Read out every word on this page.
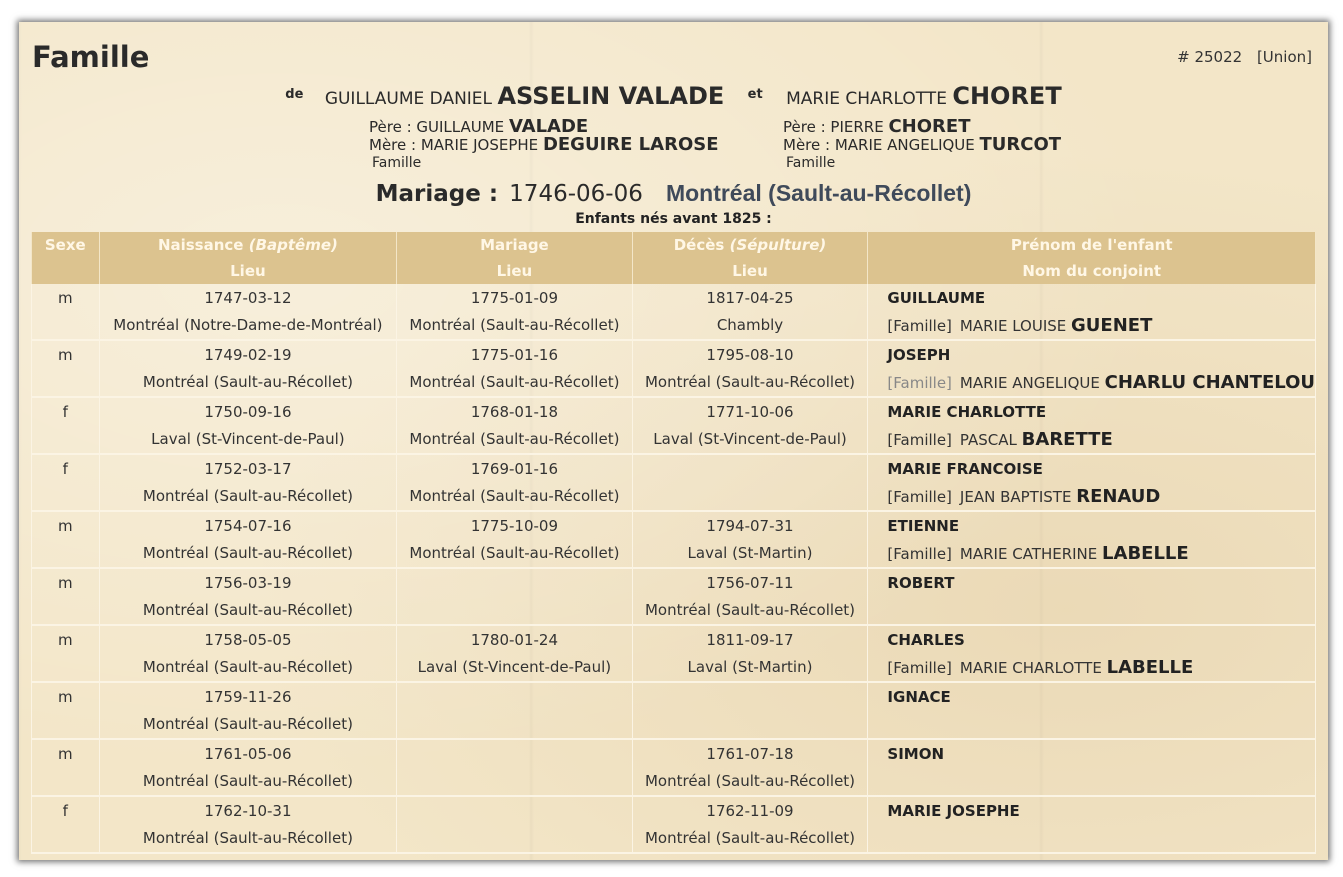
Famille	# 25022 [Union]
$^{de}$ GUILLAUME DANIEL ASSELIN VALADE $^{et}$ MARIE CHARLOTTE CHORET
Père : GUILLAUME VALADE
Mère : MARIE JOSEPHE DEGUIRE LAROSE
Famille
Père : PIERRE CHORET
Mère : MARIE ANGELIQUE TURCOT
Famille
Mariage : 1746-06-06 Montréal (Sault-au-Récollet)
Enfants nés avant 1825 :
Sexe	Naissance (Baptême)	Mariage	Décès (Sépulture)	Prénom de l'enfant
	Lieu	Lieu	Lieu	Nom du conjoint
m	1747-03-12	1775-01-09	1817-04-25	GUILLAUME
	Montréal (Notre-Dame-de-Montréal)	Montréal (Sault-au-Récollet)	Chambly	[Famille] MARIE LOUISE GUENET
m	1749-02-19	1775-01-16	1795-08-10	JOSEPH
	Montréal (Sault-au-Récollet)	Montréal (Sault-au-Récollet)	Montréal (Sault-au-Récollet)	[Famille] MARIE ANGELIQUE CHARLU CHANTELOU
f	1750-09-16	1768-01-18	1771-10-06	MARIE CHARLOTTE
	Laval (St-Vincent-de-Paul)	Montréal (Sault-au-Récollet)	Laval (St-Vincent-de-Paul)	[Famille] PASCAL BARETTE
f	1752-03-17	1769-01-16		MARIE FRANCOISE
	Montréal (Sault-au-Récollet)	Montréal (Sault-au-Récollet)		[Famille] JEAN BAPTISTE RENAUD
m	1754-07-16	1775-10-09	1794-07-31	ETIENNE
	Montréal (Sault-au-Récollet)	Montréal (Sault-au-Récollet)	Laval (St-Martin)	[Famille] MARIE CATHERINE LABELLE
m	1756-03-19		1756-07-11	ROBERT
	Montréal (Sault-au-Récollet)		Montréal (Sault-au-Récollet)	
m	1758-05-05	1780-01-24	1811-09-17	CHARLES
	Montréal (Sault-au-Récollet)	Laval (St-Vincent-de-Paul)	Laval (St-Martin)	[Famille] MARIE CHARLOTTE LABELLE
m	1759-11-26			IGNACE
	Montréal (Sault-au-Récollet)			
m	1761-05-06		1761-07-18	SIMON
	Montréal (Sault-au-Récollet)		Montréal (Sault-au-Récollet)	
f	1762-10-31		1762-11-09	MARIE JOSEPHE
	Montréal (Sault-au-Récollet)		Montréal (Sault-au-Récollet)	
